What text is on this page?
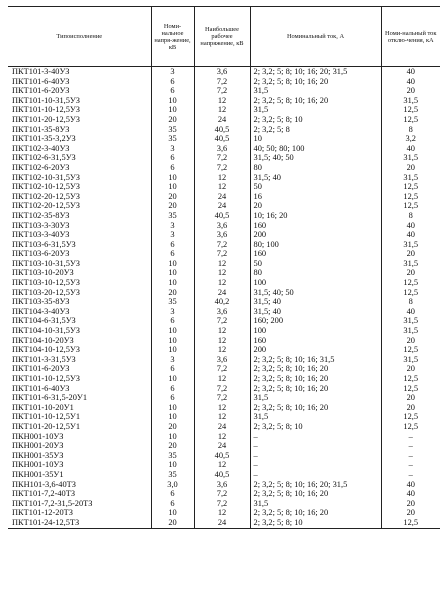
Типоисполнение	Номи-нальное напря-жение, кВ	Наибольшее рабочее напряжение, кВ	Номинальный ток, А	Номи-нальный ток отклю-чения, кА
ПКТ101-3-40УЗ	3	3,6	2; 3,2; 5; 8; 10; 16; 20; 31,5	40
ПКТ101-6-40УЗ	6	7,2	2; 3,2; 5; 8; 10; 16; 20	40
ПКТ101-6-20УЗ	6	7,2	31,5	20
ПКТ101-10-31,5УЗ	10	12	2; 3,2; 5; 8; 10; 16; 20	31,5
ПКТ101-10-12,5УЗ	10	12	31,5	12,5
ПКТ101-20-12,5УЗ	20	24	2; 3,2; 5; 8; 10	12,5
ПКТ101-35-8УЗ	35	40,5	2; 3,2; 5; 8	8
ПКТ101-35-3,2УЗ	35	40,5	10	3,2
ПКТ102-3-40УЗ	3	3,6	40; 50; 80; 100	40
ПКТ102-6-31,5УЗ	6	7,2	31,5; 40; 50	31,5
ПКТ102-6-20УЗ	6	7,2	80	20
ПКТ102-10-31,5УЗ	10	12	31,5; 40	31,5
ПКТ102-10-12,5УЗ	10	12	50	12,5
ПКТ102-20-12,5УЗ	20	24	16	12,5
ПКТ102-20-12,5УЗ	20	24	20	12,5
ПКТ102-35-8УЗ	35	40,5	10; 16; 20	8
ПКТ103-3-30УЗ	3	3,6	160	40
ПКТ103-3-40УЗ	3	3,6	200	40
ПКТ103-6-31,5УЗ	6	7,2	80; 100	31,5
ПКТ103-6-20УЗ	6	7,2	160	20
ПКТ103-10-31,5УЗ	10	12	50	31,5
ПКТ103-10-20УЗ	10	12	80	20
ПКТ103-10-12,5УЗ	10	12	100	12,5
ПКТ103-20-12,5УЗ	20	24	31,5; 40; 50	12,5
ПКТ103-35-8УЗ	35	40,2	31,5; 40	8
ПКТ104-3-40УЗ	3	3,6	31,5; 40	40
ПКТ104-6-31,5УЗ	6	7,2	160; 200	31,5
ПКТ104-10-31,5УЗ	10	12	100	31,5
ПКТ104-10-20УЗ	10	12	160	20
ПКТ104-10-12,5УЗ	10	12	200	12,5
ПКТ101-3-31,5УЗ	3	3,6	2; 3,2; 5; 8; 10; 16; 31,5	31,5
ПКТ101-6-20УЗ	6	7,2	2; 3,2; 5; 8; 10; 16; 20	20
ПКТ101-10-12,5УЗ	10	12	2; 3,2; 5; 8; 10; 16; 20	12,5
ПКТ101-6-40УЗ	6	7,2	2; 3,2; 5; 8; 10; 16; 20	12,5
ПКТ101-6-31,5-20У1	6	7,2	31,5	20
ПКТ101-10-20У1	10	12	2; 3,2; 5; 8; 10; 16; 20	20
ПКТ101-10-12,5У1	10	12	31,5	12,5
ПКТ101-20-12,5У1	20	24	2; 3,2; 5; 8; 10	12,5
ПКН001-10УЗ	10	12	–	–
ПКН001-20УЗ	20	24	–	–
ПКН001-35УЗ	35	40,5	–	–
ПКН001-10УЗ	10	12	–	–
ПКН001-35У1	35	40,5	–	–
ПКН101-3,6-40ТЗ	3,0	3,6	2; 3,2; 5; 8; 10; 16; 20; 31,5	40
ПКТ101-7,2-40ТЗ	6	7,2	2; 3,2; 5; 8; 10; 16; 20	40
ПКТ101-7,2-31,5-20ТЗ	6	7,2	31,5	20
ПКТ101-12-20ТЗ	10	12	2; 3,2; 5; 8; 10; 16; 20	20
ПКТ101-24-12,5ТЗ	20	24	2; 3,2; 5; 8; 10	12,5
